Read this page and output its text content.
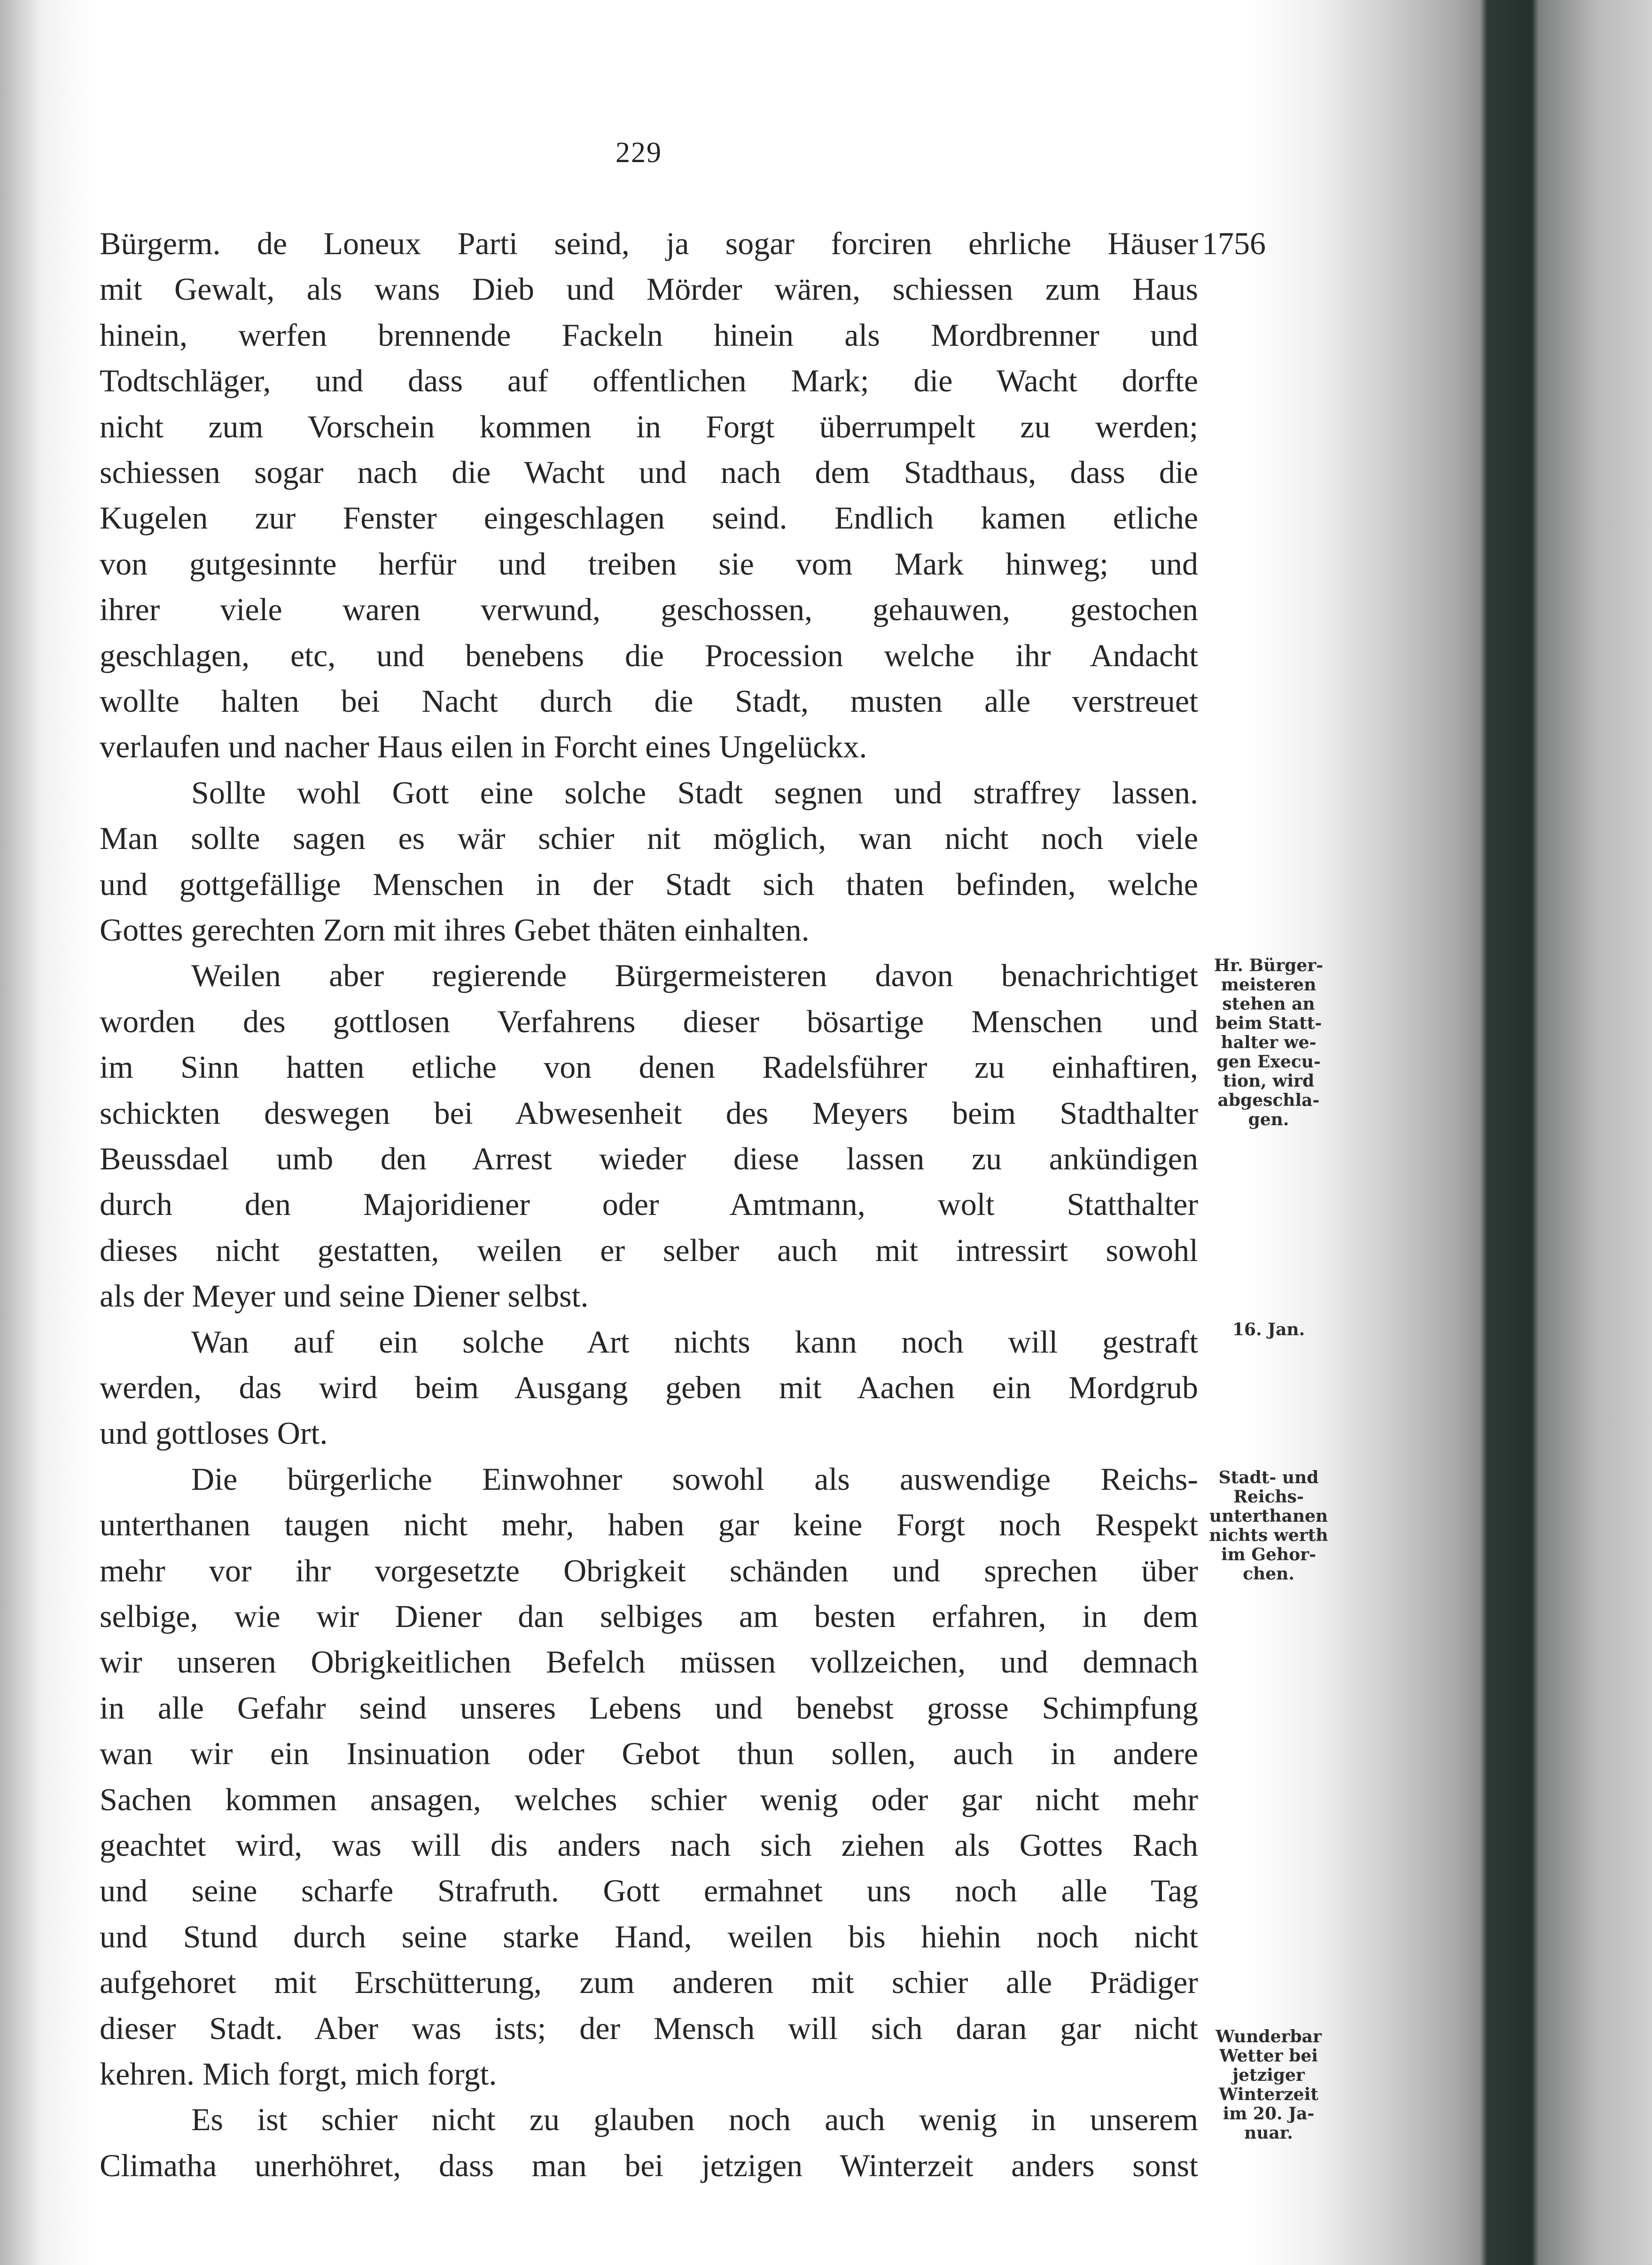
229
1756
Bürgerm. de Loneux Parti seind, ja sogar forciren ehrliche Häuser
mit Gewalt, als wans Dieb und Mörder wären, schiessen zum Haus
hinein, werfen brennende Fackeln hinein als Mordbrenner und
Todtschläger, und dass auf offentlichen Mark; die Wacht dorfte
nicht zum Vorschein kommen in Forgt überrumpelt zu werden;
schiessen sogar nach die Wacht und nach dem Stadthaus, dass die
Kugelen zur Fenster eingeschlagen seind. Endlich kamen etliche
von gutgesinnte herfür und treiben sie vom Mark hinweg; und
ihrer viele waren verwund, geschossen, gehauwen, gestochen
geschlagen, etc, und benebens die Procession welche ihr Andacht
wollte halten bei Nacht durch die Stadt, musten alle verstreuet
verlaufen und nacher Haus eilen in Forcht eines Ungelückx.
Sollte wohl Gott eine solche Stadt segnen und straffrey lassen.
Man sollte sagen es wär schier nit möglich, wan nicht noch viele
und gottgefällige Menschen in der Stadt sich thaten befinden, welche
Gottes gerechten Zorn mit ihres Gebet thäten einhalten.
Weilen aber regierende Bürgermeisteren davon benachrichtiget
worden des gottlosen Verfahrens dieser bösartige Menschen und
im Sinn hatten etliche von denen Radelsführer zu einhaftiren,
schickten deswegen bei Abwesenheit des Meyers beim Stadthalter
Beussdael umb den Arrest wieder diese lassen zu ankündigen
durch den Majoridiener oder Amtmann, wolt Statthalter
dieses nicht gestatten, weilen er selber auch mit intressirt sowohl
als der Meyer und seine Diener selbst.
Wan auf ein solche Art nichts kann noch will gestraft
werden, das wird beim Ausgang geben mit Aachen ein Mordgrub
und gottloses Ort.
Die bürgerliche Einwohner sowohl als auswendige Reichs-
unterthanen taugen nicht mehr, haben gar keine Forgt noch Respekt
mehr vor ihr vorgesetzte Obrigkeit schänden und sprechen über
selbige, wie wir Diener dan selbiges am besten erfahren, in dem
wir unseren Obrigkeitlichen Befelch müssen vollzeichen, und demnach
in alle Gefahr seind unseres Lebens und benebst grosse Schimpfung
wan wir ein Insinuation oder Gebot thun sollen, auch in andere
Sachen kommen ansagen, welches schier wenig oder gar nicht mehr
geachtet wird, was will dis anders nach sich ziehen als Gottes Rach
und seine scharfe Strafruth. Gott ermahnet uns noch alle Tag
und Stund durch seine starke Hand, weilen bis hiehin noch nicht
aufgehoret mit Erschütterung, zum anderen mit schier alle Prädiger
dieser Stadt. Aber was ists; der Mensch will sich daran gar nicht
kehren. Mich forgt, mich forgt.
Es ist schier nicht zu glauben noch auch wenig in unserem
Climatha unerhöhret, dass man bei jetzigen Winterzeit anders sonst
Hr. Bürger-
meisteren
stehen an
beim Statt-
halter we-
gen Execu-
tion, wird
abgeschla-
gen.
16. Jan.
Stadt- und
Reichs-
unterthanen
nichts werth
im Gehor-
chen.
Wunderbar
Wetter bei
jetziger
Winterzeit
im 20. Ja-
nuar.
